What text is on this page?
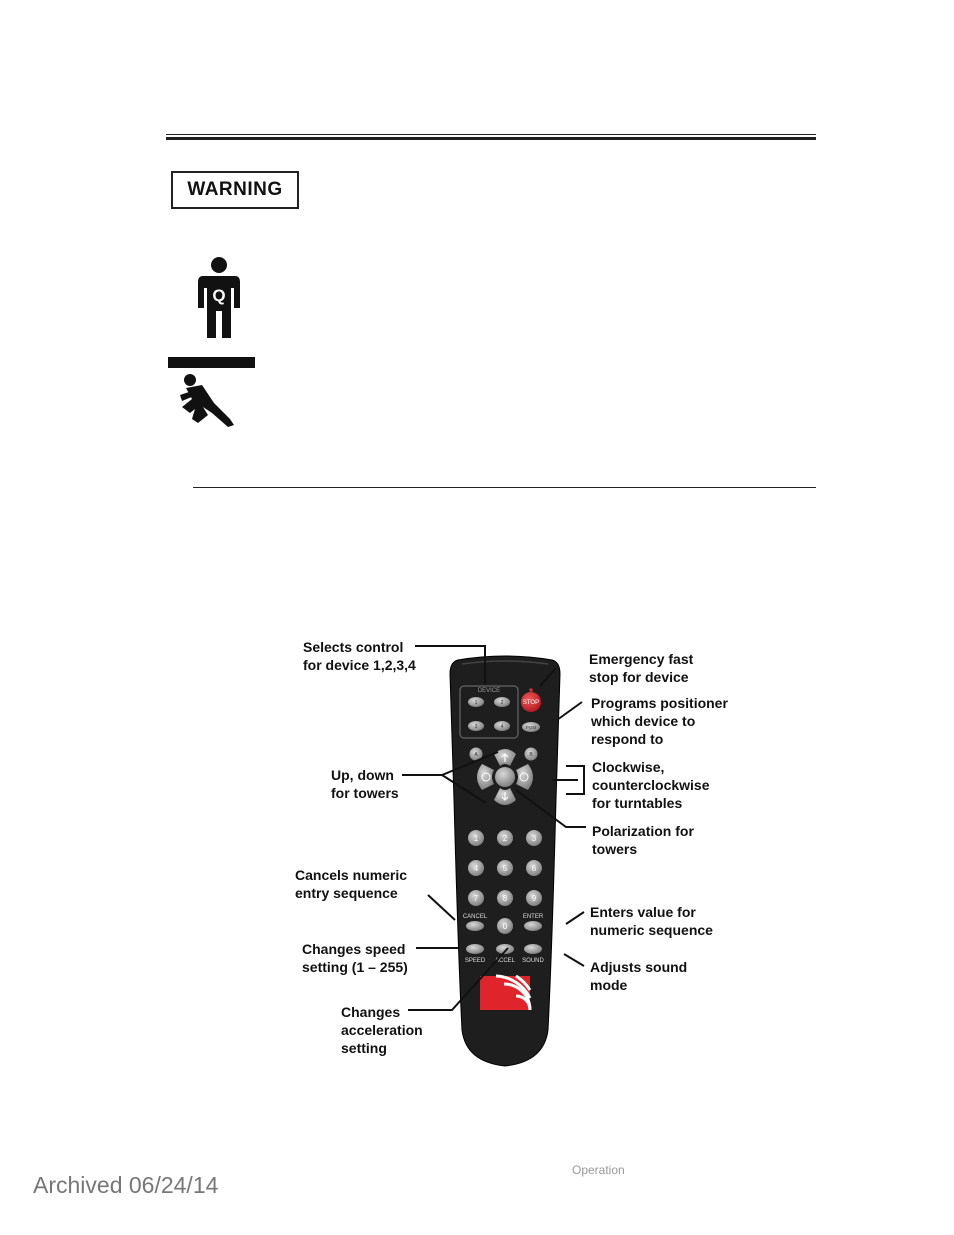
WARNING
Q
DEVICE
1	2
3	4
STOP
PGM
A	B
1	2	3
4	5	6
7	8	9
0
CANCEL	ENTER
SPEED ACCEL SOUND
Selects control
for device 1,2,3,4	Emergency fast
stop for device
Programs positioner
which device to
respond to
Up, down
for towers
Clockwise,
counterclockwise
for turntables
Polarization for
towers
Cancels numeric
entry sequence
Enters value for
numeric sequence
Changes speed
setting (1 – 255)	Adjusts sound
mode
Changes
acceleration
setting
Operation
Archived 06/24/14
